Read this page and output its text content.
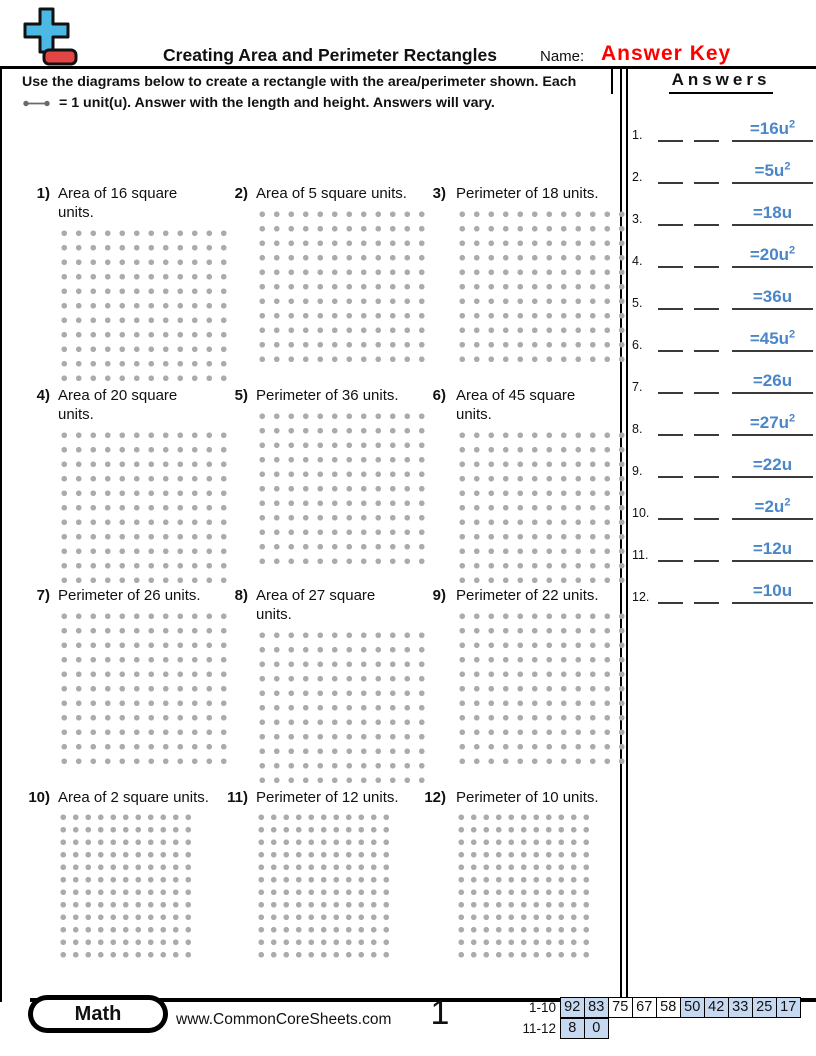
Creating Area and Perimeter Rectangles	Name: Answer Key
Use the diagrams below to create a rectangle with the area/perimeter shown. Each
= 1 unit(u). Answer with the length and height. Answers will vary.
Answers
1.	$=16u^2$
2.	$=5u^2$
3.	=18u
4.	$=20u^2$
5.	=36u
6.	$=45u^2$
7.	=26u
8.	$=27u^2$
9.	=22u
10.	$=2u^2$
11.	=12u
12.	=10u
1) Area of 16 square
units.
2) Area of 5 square units.	3) Perimeter of 18 units.
4) Area of 20 square
units.
5) Perimeter of 36 units.	6) Area of 45 square
units.
7) Perimeter of 26 units.	8) Area of 27 square
units.
9) Perimeter of 22 units.
10) Area of 2 square units.	11) Perimeter of 12 units.	12) Perimeter of 10 units.
Math	www.CommonCoreSheets.com	1	1-10 92 83 75 67 58 50 42 33 25 17
11-12 8	0
